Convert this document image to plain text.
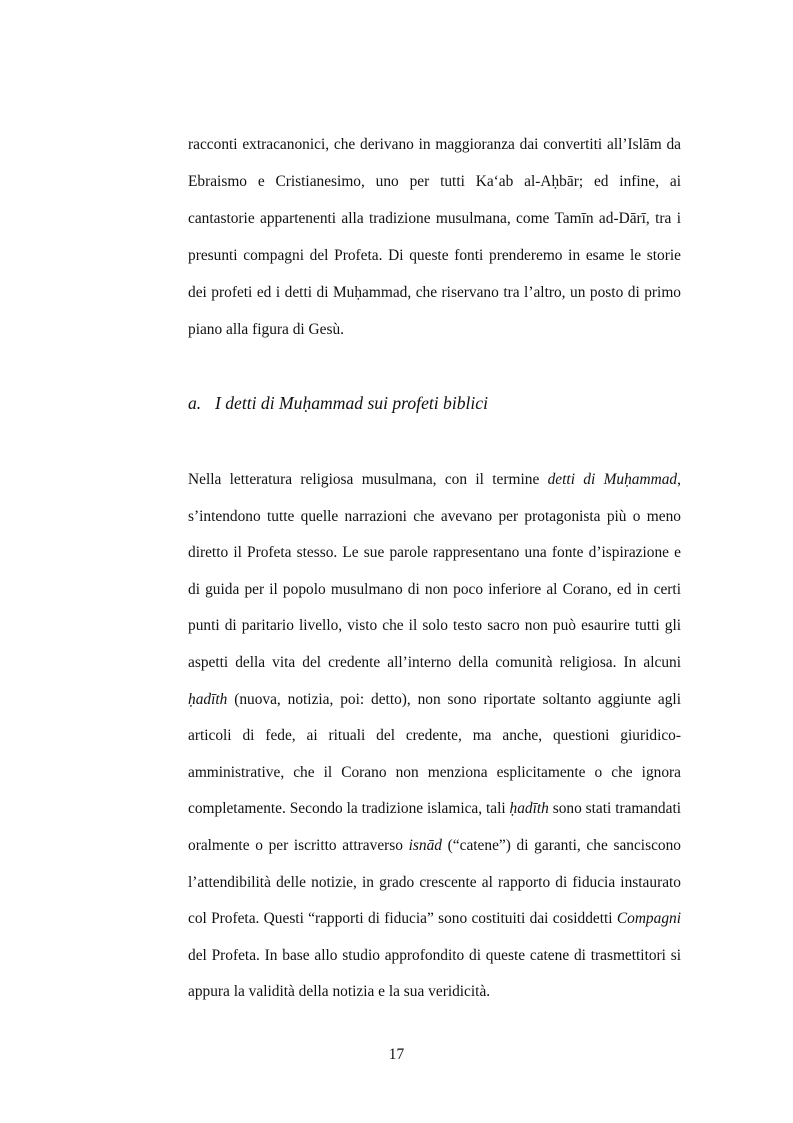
racconti extracanonici, che derivano in maggioranza dai convertiti all’Islām da Ebraismo e Cristianesimo, uno per tutti Ka‘ab al-Aḥbār; ed infine, ai cantastorie appartenenti alla tradizione musulmana, come Tamīn ad-Dārī, tra i presunti compagni del Profeta. Di queste fonti prenderemo in esame le storie dei profeti ed i detti di Muḥammad, che riservano tra l’altro, un posto di primo piano alla figura di Gesù.

a. I detti di Muḥammad sui profeti biblici

Nella letteratura religiosa musulmana, con il termine detti di Muḥammad, s’intendono tutte quelle narrazioni che avevano per protagonista più o meno diretto il Profeta stesso. Le sue parole rappresentano una fonte d’ispirazione e di guida per il popolo musulmano di non poco inferiore al Corano, ed in certi punti di paritario livello, visto che il solo testo sacro non può esaurire tutti gli aspetti della vita del credente all’interno della comunità religiosa. In alcuni ḥadīth (nuova, notizia, poi: detto), non sono riportate soltanto aggiunte agli articoli di fede, ai rituali del credente, ma anche, questioni giuridico-amministrative, che il Corano non menziona esplicitamente o che ignora completamente. Secondo la tradizione islamica, tali ḥadīth sono stati tramandati oralmente o per iscritto attraverso isnād (“catene”) di garanti, che sanciscono l’attendibilità delle notizie, in grado crescente al rapporto di fiducia instaurato col Profeta. Questi “rapporti di fiducia” sono costituiti dai cosiddetti Compagni del Profeta. In base allo studio approfondito di queste catene di trasmettitori si appura la validità della notizia e la sua veridicità.

17
